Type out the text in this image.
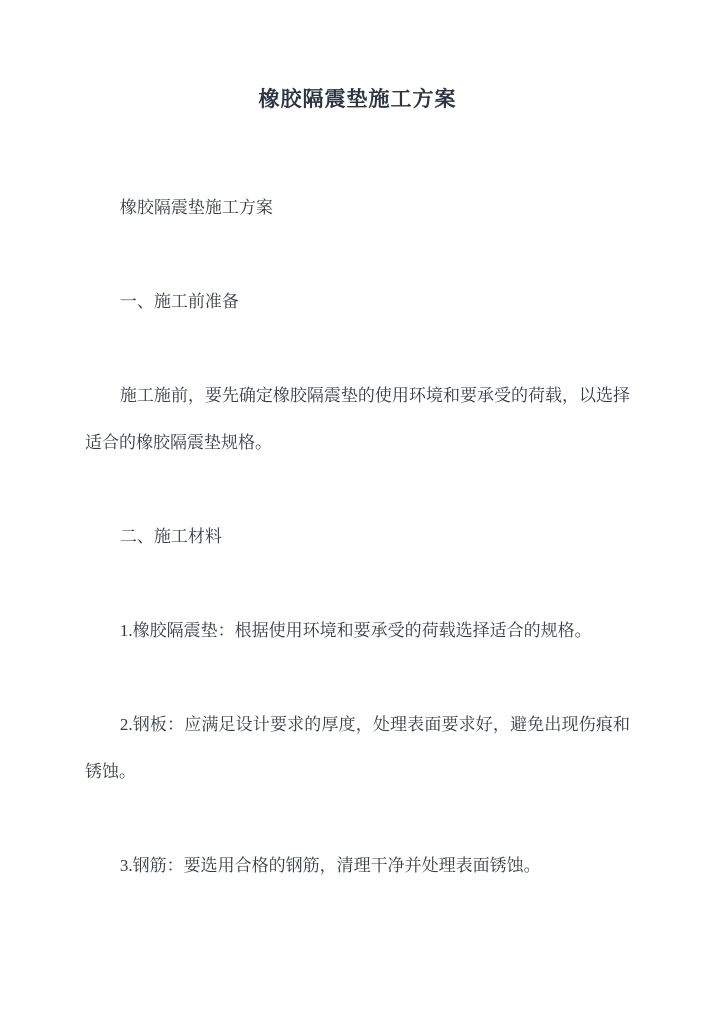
橡胶隔震垫施工方案

橡胶隔震垫施工方案

一、施工前准备

施工施前，要先确定橡胶隔震垫的使用环境和要承受的荷载，以选择适合的橡胶隔震垫规格。

二、施工材料

1.橡胶隔震垫：根据使用环境和要承受的荷载选择适合的规格。

2.钢板：应满足设计要求的厚度，处理表面要求好，避免出现伤痕和锈蚀。

3.钢筋：要选用合格的钢筋，清理干净并处理表面锈蚀。
